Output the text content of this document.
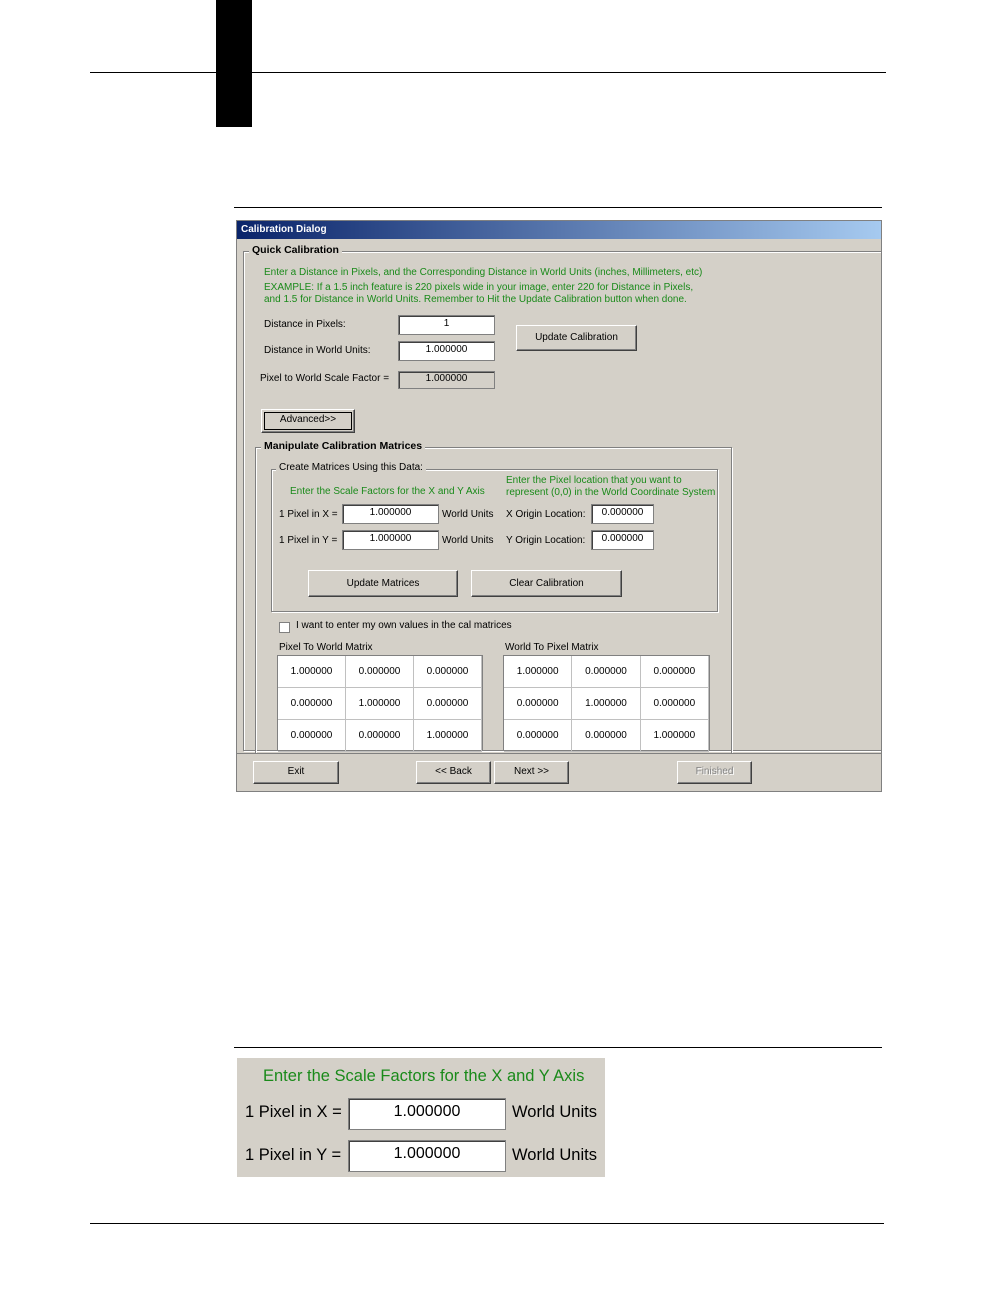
Calibration Dialog
Quick Calibration
Enter a Distance in Pixels, and the Corresponding Distance in World Units (inches, Millimeters, etc)
EXAMPLE: If a 1.5 inch feature is 220 pixels wide in your image, enter 220 for Distance in Pixels,
and 1.5 for Distance in World Units. Remember to Hit the Update Calibration button when done.
Distance in Pixels:	1
Distance in World Units:	1.000000
Pixel to World Scale Factor =	1.000000
Update Calibration
Advanced>>
Manipulate Calibration Matrices
Create Matrices Using this Data:
Enter the Scale Factors for the X and Y Axis
Enter the Pixel location that you want to
represent (0,0) in the World Coordinate System
1 Pixel in X =	1.000000	World Units X Origin Location:	0.000000
1 Pixel in Y =	1.000000	World Units Y Origin Location:	0.000000
Update Matrices	Clear Calibration
I want to enter my own values in the cal matrices
Pixel To World Matrix	World To Pixel Matrix
1.000000	0.000000	0.000000
0.000000	1.000000	0.000000
0.000000	0.000000	1.000000
1.000000	0.000000	0.000000
0.000000	1.000000	0.000000
0.000000	0.000000	1.000000
Exit	<< Back	Next >>	Finished
Enter the Scale Factors for the X and Y Axis
1 Pixel in X =	1.000000	World Units
1 Pixel in Y =	1.000000	World Units
